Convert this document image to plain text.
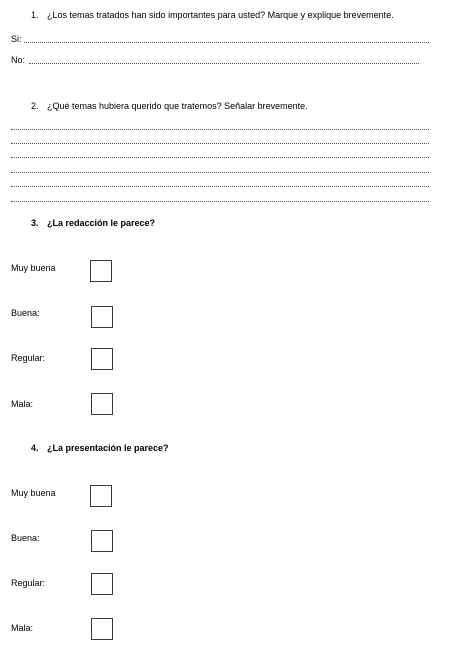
1. ¿Los temas tratados han sido importantes para usted? Marque y explique brevemente.
Si:
No:
2. ¿Qué temas hubiera querido que tratemos? Señalar brevemente.
3. ¿La redacción le parece?
Muy buena
Buena:
Regular:
Mala:
4. ¿La presentación le parece?
Muy buena
Buena:
Regular:
Mala:
